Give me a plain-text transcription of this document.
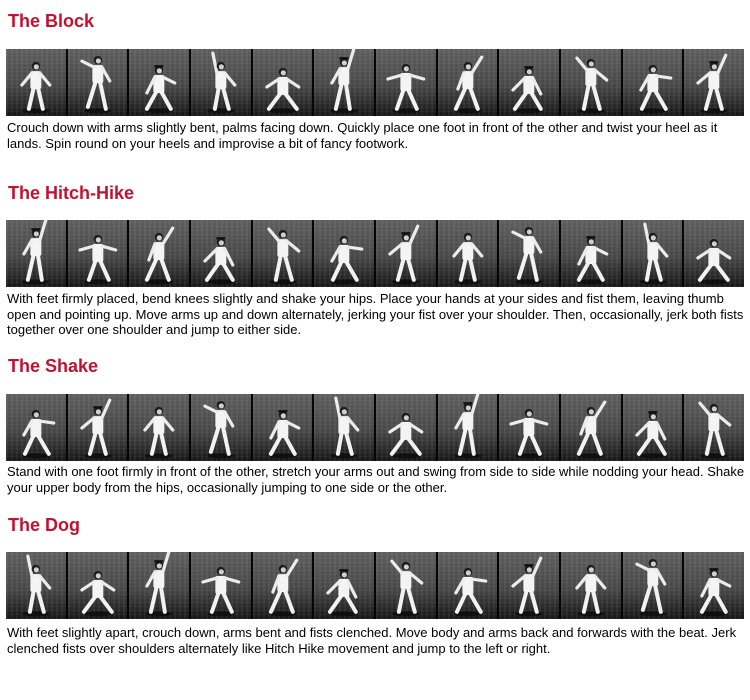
The Block

Crouch down with arms slightly bent, palms facing down. Quickly place one foot in front of the other and twist your heel as it lands. Spin round on your heels and improvise a bit of fancy footwork.

The Hitch-Hike

With feet firmly placed, bend knees slightly and shake your hips. Place your hands at your sides and fist them, leaving thumb open and pointing up. Move arms up and down alternately, jerking your fist over your shoulder. Then, occasionally, jerk both fists together over one shoulder and jump to either side.

The Shake

Stand with one foot firmly in front of the other, stretch your arms out and swing from side to side while nodding your head. Shake your upper body from the hips, occasionally jumping to one side or the other.

The Dog

With feet slightly apart, crouch down, arms bent and fists clenched. Move body and arms back and forwards with the beat. Jerk clenched fists over shoulders alternately like Hitch Hike movement and jump to the left or right.
